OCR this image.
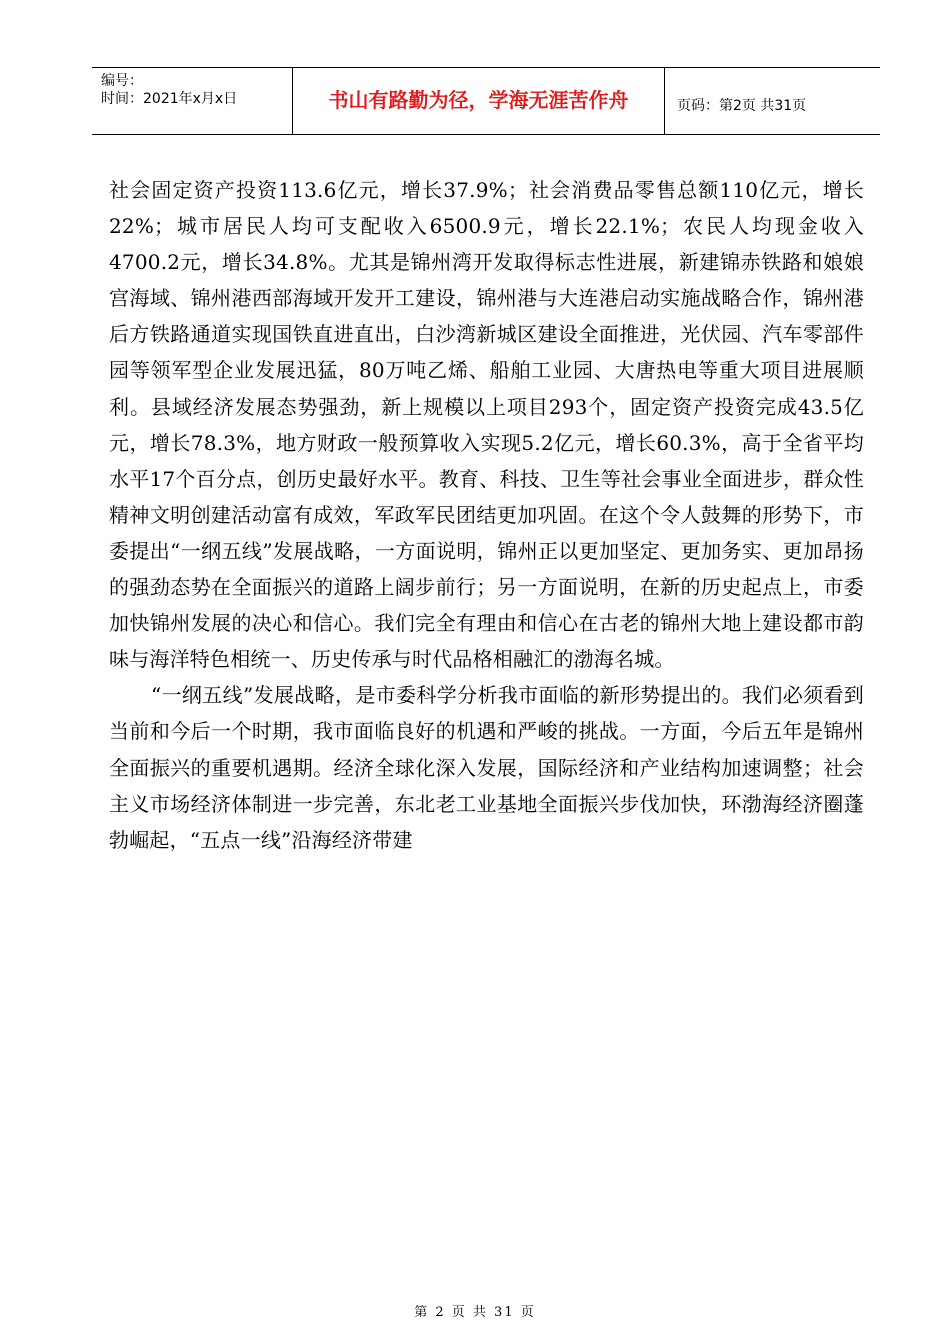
编号：
时间：2021年x月x日	书山有路勤为径，学海无涯苦作舟	页码：第2页 共31页

社会固定资产投资113.6亿元，增长37.9%；社会消费品零售总额110亿元，增长22%；城市居民人均可支配收入6500.9元，增长22.1%；农民人均现金收入4700.2元，增长34.8%。尤其是锦州湾开发取得标志性进展，新建锦赤铁路和娘娘宫海域、锦州港西部海域开发开工建设，锦州港与大连港启动实施战略合作，锦州港后方铁路通道实现国铁直进直出，白沙湾新城区建设全面推进，光伏园、汽车零部件园等领军型企业发展迅猛，80万吨乙烯、船舶工业园、大唐热电等重大项目进展顺利。县域经济发展态势强劲，新上规模以上项目293个，固定资产投资完成43.5亿元，增长78.3%，地方财政一般预算收入实现5.2亿元，增长60.3%，高于全省平均水平17个百分点，创历史最好水平。教育、科技、卫生等社会事业全面进步，群众性精神文明创建活动富有成效，军政军民团结更加巩固。在这个令人鼓舞的形势下，市委提出“一纲五线”发展战略，一方面说明，锦州正以更加坚定、更加务实、更加昂扬的强劲态势在全面振兴的道路上阔步前行；另一方面说明，在新的历史起点上，市委加快锦州发展的决心和信心。我们完全有理由和信心在古老的锦州大地上建设都市韵味与海洋特色相统一、历史传承与时代品格相融汇的渤海名城。

“一纲五线”发展战略，是市委科学分析我市面临的新形势提出的。我们必须看到当前和今后一个时期，我市面临良好的机遇和严峻的挑战。一方面，今后五年是锦州全面振兴的重要机遇期。经济全球化深入发展，国际经济和产业结构加速调整；社会主义市场经济体制进一步完善，东北老工业基地全面振兴步伐加快，环渤海经济圈蓬勃崛起，“五点一线”沿海经济带建

第 2 页 共 31 页
